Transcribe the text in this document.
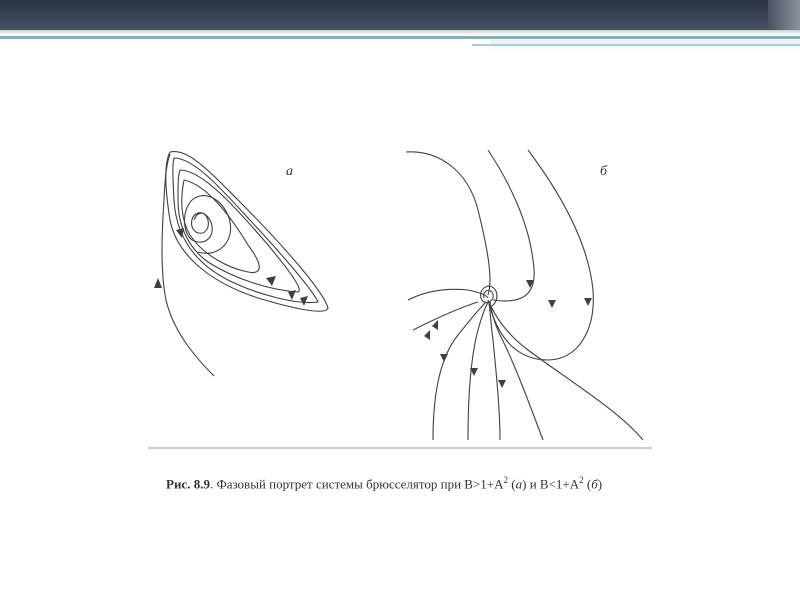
a	б
Рис. 8.9. Фазовый портрет системы брюсселятор при $B>1+A^2$ (a) и $B<1+A^2$ (б)
